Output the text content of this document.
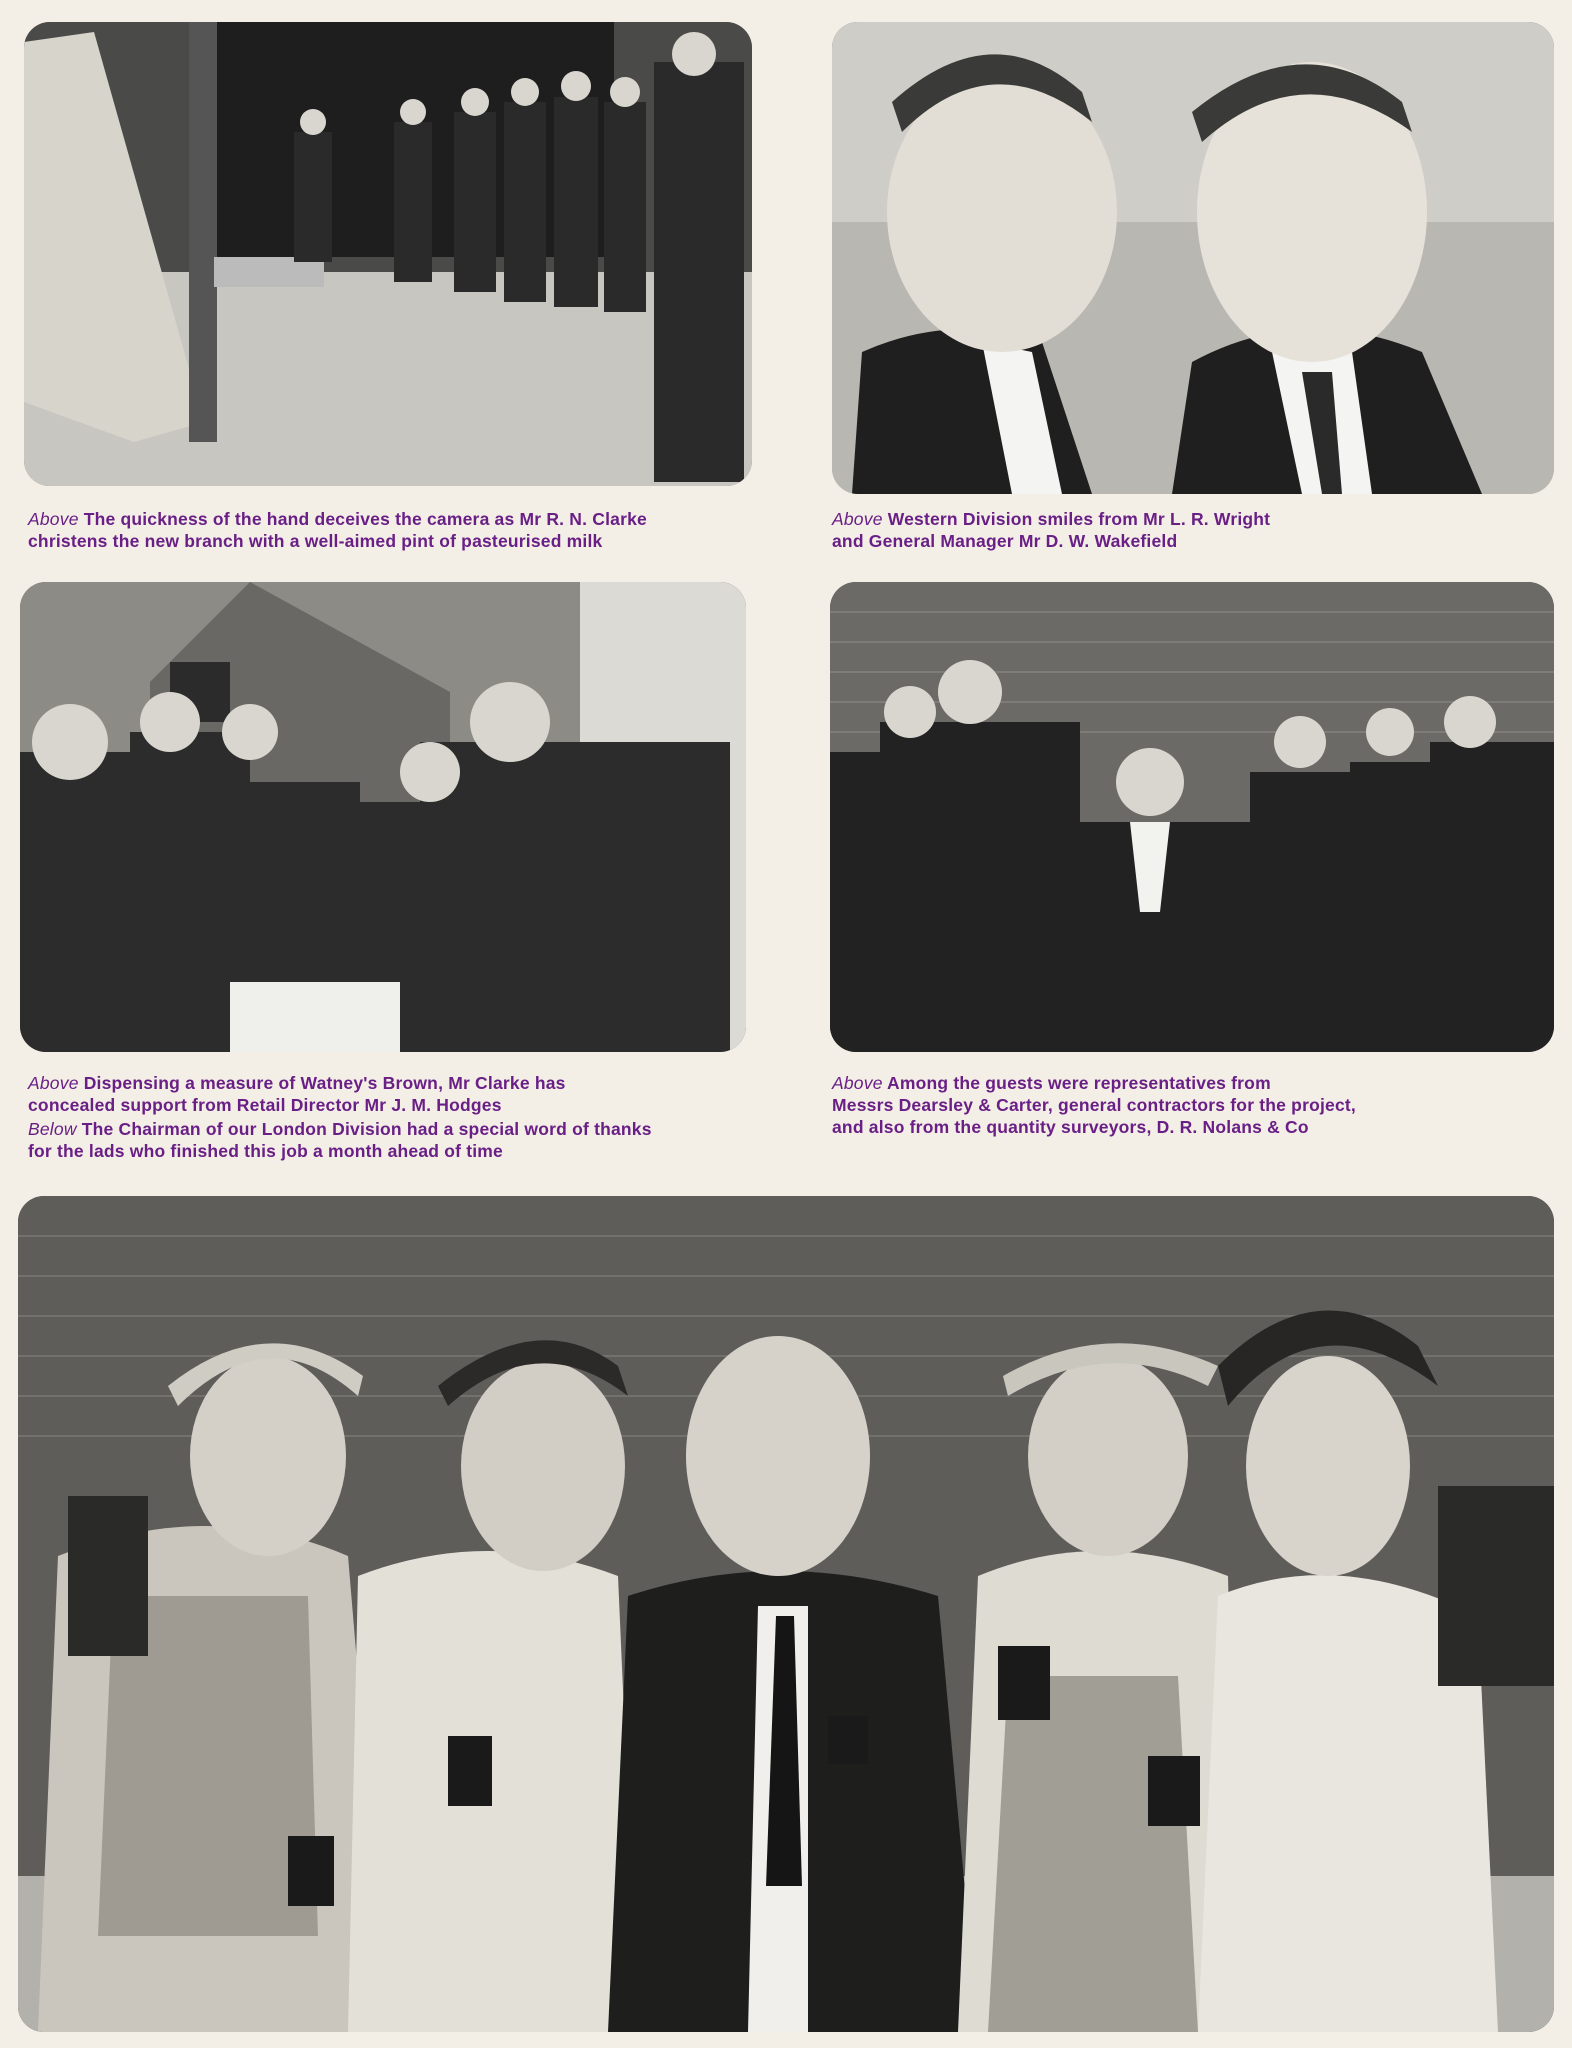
Above The quickness of the hand deceives the camera as Mr R. N. Clarke
christens the new branch with a well-aimed pint of pasteurised milk

Above Western Division smiles from Mr L. R. Wright
and General Manager Mr D. W. Wakefield

Above Dispensing a measure of Watney's Brown, Mr Clarke has
concealed support from Retail Director Mr J. M. Hodges

Below The Chairman of our London Division had a special word of thanks
for the lads who finished this job a month ahead of time

Above Among the guests were representatives from
Messrs Dearsley & Carter, general contractors for the project,
and also from the quantity surveyors, D. R. Nolans & Co
